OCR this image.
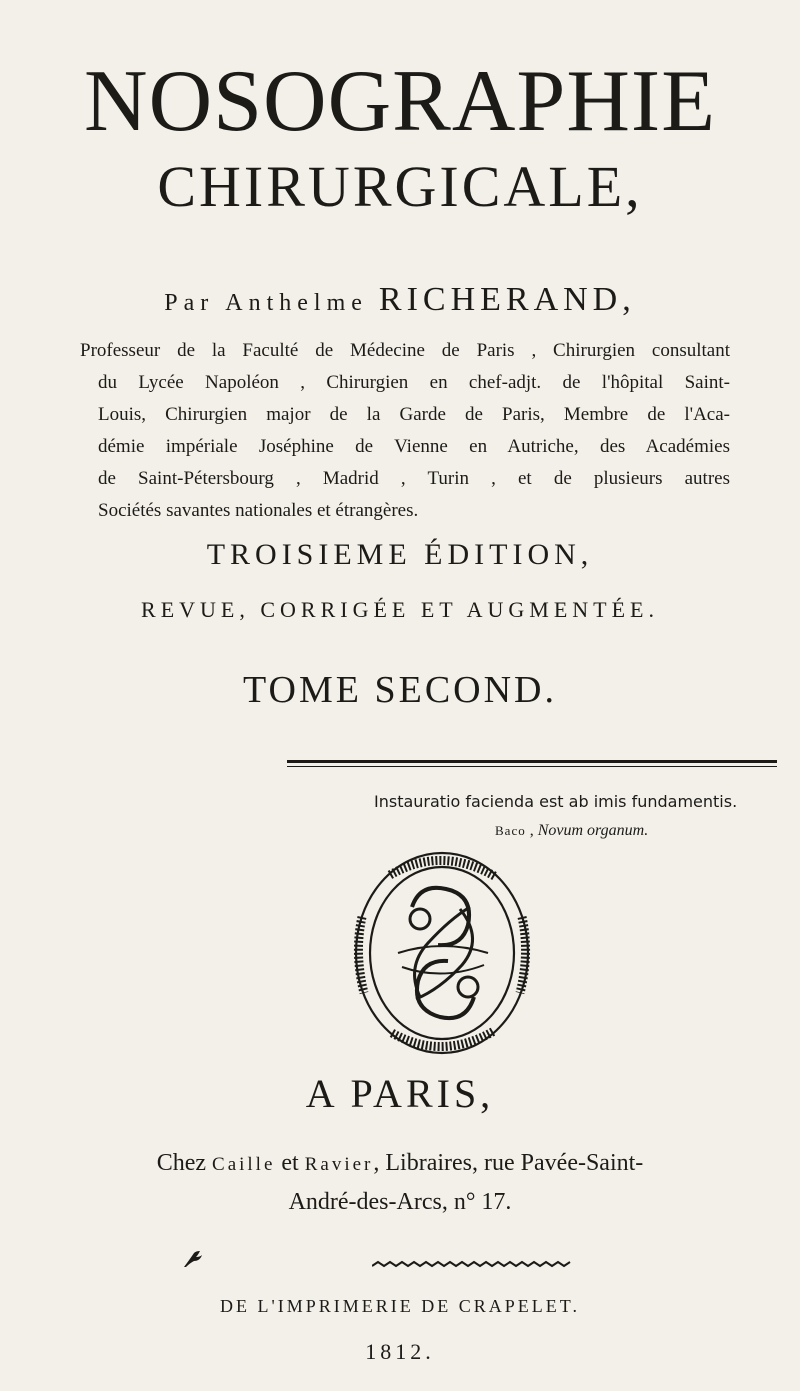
NOSOGRAPHIE
CHIRURGICALE,
Par Anthelme RICHERAND,
Professeur de la Faculté de Médecine de Paris , Chirurgien consultant
du Lycée Napoléon , Chirurgien en chef-adjt. de l'hôpital Saint-
Louis, Chirurgien major de la Garde de Paris, Membre de l'Aca-
démie impériale Joséphine de Vienne en Autriche, des Académies
de Saint-Pétersbourg , Madrid , Turin , et de plusieurs autres
Sociétés savantes nationales et étrangères.
TROISIEME ÉDITION,
REVUE, CORRIGÉE ET AUGMENTÉE.
TOME SECOND.
Instauratio facienda est ab imis fundamentis.
Baco , Novum organum.
A PARIS,
Chez Caille et Ravier, Libraires, rue Pavée-Saint-
André-des-Arcs, n° 17.
DE L'IMPRIMERIE DE CRAPELET.
1812.
